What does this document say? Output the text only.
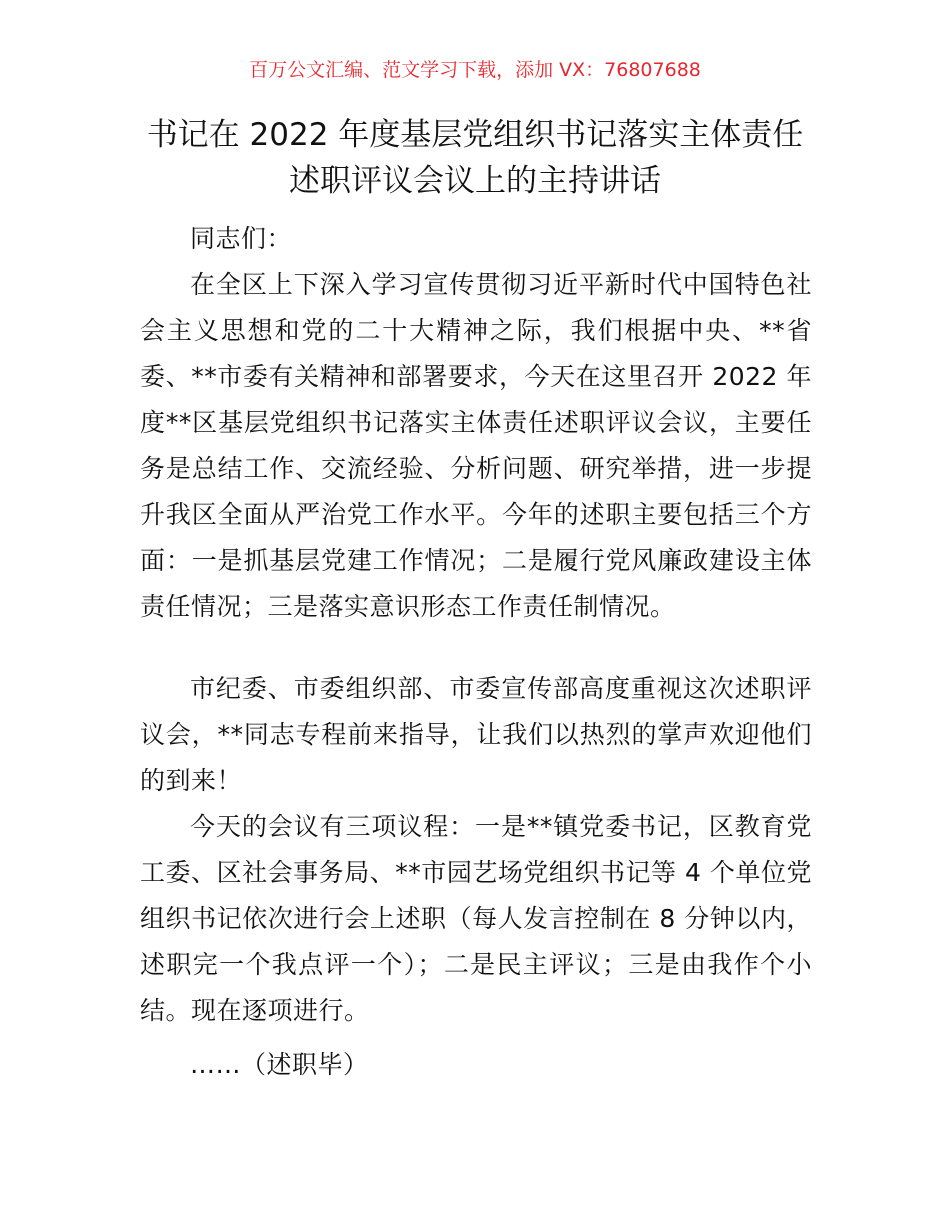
百万公文汇编、范文学习下载，添加 VX：76807688
书记在 2022 年度基层党组织书记落实主体责任
述职评议会议上的主持讲话

同志们：

在全区上下深入学习宣传贯彻习近平新时代中国特色社会主义思想和党的二十大精神之际，我们根据中央、**省委、**市委有关精神和部署要求，今天在这里召开 2022 年度**区基层党组织书记落实主体责任述职评议会议，主要任务是总结工作、交流经验、分析问题、研究举措，进一步提升我区全面从严治党工作水平。今年的述职主要包括三个方面：一是抓基层党建工作情况；二是履行党风廉政建设主体责任情况；三是落实意识形态工作责任制情况。

市纪委、市委组织部、市委宣传部高度重视这次述职评议会，**同志专程前来指导，让我们以热烈的掌声欢迎他们的到来！

今天的会议有三项议程：一是**镇党委书记，区教育党工委、区社会事务局、**市园艺场党组织书记等 4 个单位党组织书记依次进行会上述职（每人发言控制在 8 分钟以内，述职完一个我点评一个）；二是民主评议；三是由我作个小结。现在逐项进行。

……（述职毕）
